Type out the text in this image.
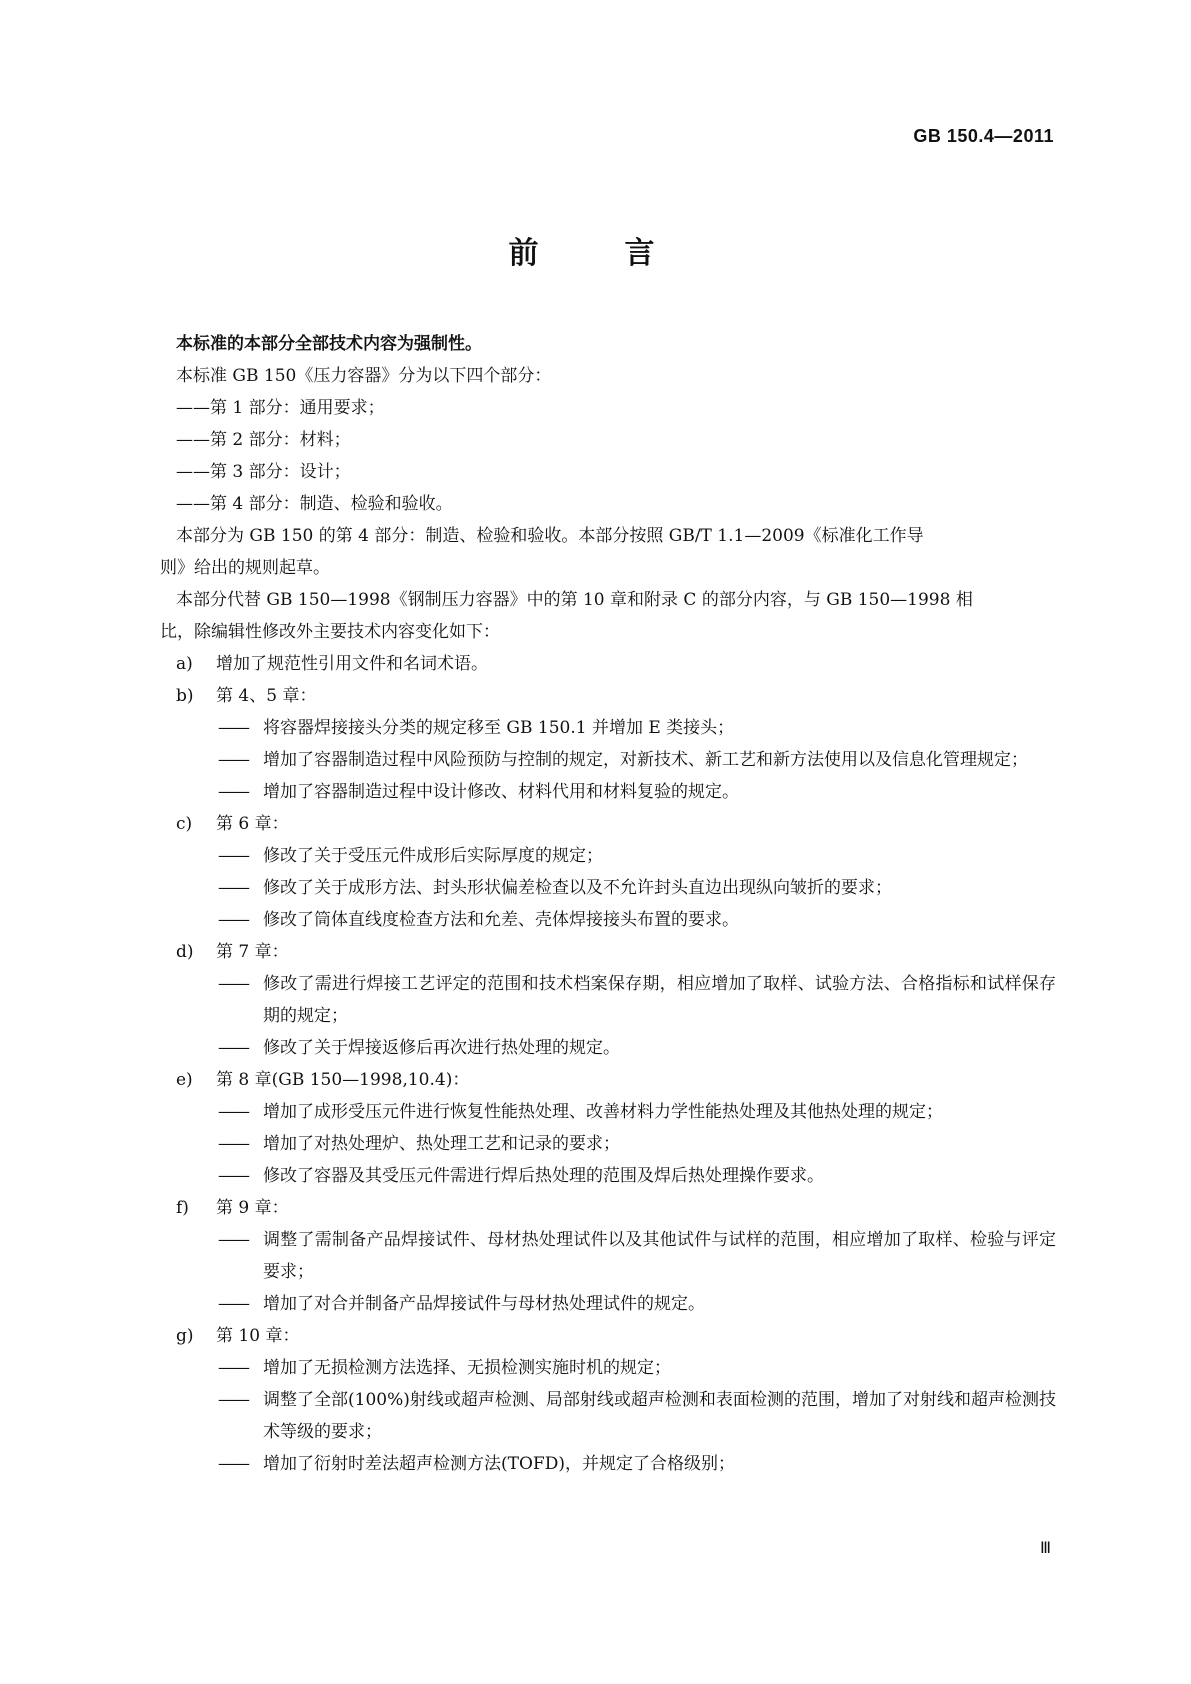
GB 150.4—2011
前　言

本标准的本部分全部技术内容为强制性。

本标准 GB 150《压力容器》分为以下四个部分：

——第 1 部分：通用要求；

——第 2 部分：材料；

——第 3 部分：设计；

——第 4 部分：制造、检验和验收。

本部分为 GB 150 的第 4 部分：制造、检验和验收。本部分按照 GB/T 1.1—2009《标准化工作导

则》给出的规则起草。

本部分代替 GB 150—1998《钢制压力容器》中的第 10 章和附录 C 的部分内容，与 GB 150—1998 相

比，除编辑性修改外主要技术内容变化如下：

a)	增加了规范性引用文件和名词术语。
b)	第 4、5 章：
—— 将容器焊接接头分类的规定移至 GB 150.1 并增加 E 类接头；
—— 增加了容器制造过程中风险预防与控制的规定，对新技术、新工艺和新方法使用以及信息化管理规定；
—— 增加了容器制造过程中设计修改、材料代用和材料复验的规定。
c)	第 6 章：
—— 修改了关于受压元件成形后实际厚度的规定；
—— 修改了关于成形方法、封头形状偏差检查以及不允许封头直边出现纵向皱折的要求；
—— 修改了筒体直线度检查方法和允差、壳体焊接接头布置的要求。
d)	第 7 章：
—— 修改了需进行焊接工艺评定的范围和技术档案保存期，相应增加了取样、试验方法、合格指标和试样保存期的规定；
—— 修改了关于焊接返修后再次进行热处理的规定。
e)	第 8 章(GB 150—1998,10.4)：
—— 增加了成形受压元件进行恢复性能热处理、改善材料力学性能热处理及其他热处理的规定；
—— 增加了对热处理炉、热处理工艺和记录的要求；
—— 修改了容器及其受压元件需进行焊后热处理的范围及焊后热处理操作要求。
f)	第 9 章：
—— 调整了需制备产品焊接试件、母材热处理试件以及其他试件与试样的范围，相应增加了取样、检验与评定要求；
—— 增加了对合并制备产品焊接试件与母材热处理试件的规定。
g)	第 10 章：
—— 增加了无损检测方法选择、无损检测实施时机的规定；
—— 调整了全部(100%)射线或超声检测、局部射线或超声检测和表面检测的范围，增加了对射线和超声检测技术等级的要求；
—— 增加了衍射时差法超声检测方法(TOFD)，并规定了合格级别；
Ⅲ
